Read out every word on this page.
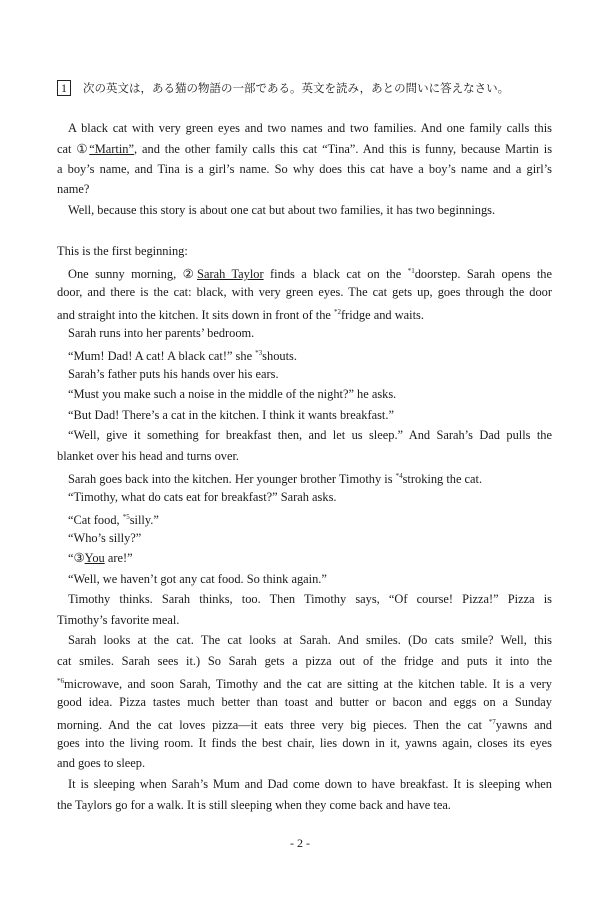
1	次の英文は，ある猫の物語の一部である。英文を読み，あとの問いに答えなさい。
A black cat with very green eyes and two names and two families. And one family calls this
cat ①“Martin”, and the other family calls this cat “Tina”. And this is funny, because Martin is
a boy’s name, and Tina is a girl’s name. So why does this cat have a boy’s name and a girl’s
name?
Well, because this story is about one cat but about two families, it has two beginnings.
This is the first beginning:
One sunny morning, ②Sarah Taylor finds a black cat on the $^{*1}$doorstep. Sarah opens the
door, and there is the cat: black, with very green eyes. The cat gets up, goes through the door
and straight into the kitchen. It sits down in front of the $^{*2}$fridge and waits.
Sarah runs into her parents’ bedroom.
“Mum! Dad! A cat! A black cat!” she $^{*3}$shouts.
Sarah’s father puts his hands over his ears.
“Must you make such a noise in the middle of the night?” he asks.
“But Dad! There’s a cat in the kitchen. I think it wants breakfast.”
“Well, give it something for breakfast then, and let us sleep.” And Sarah’s Dad pulls the
blanket over his head and turns over.
Sarah goes back into the kitchen. Her younger brother Timothy is $^{*4}$stroking the cat.
“Timothy, what do cats eat for breakfast?” Sarah asks.
“Cat food, $^{*5}$silly.”
“Who’s silly?”
“③You are!”
“Well, we haven’t got any cat food. So think again.”
Timothy thinks. Sarah thinks, too. Then Timothy says, “Of course! Pizza!” Pizza is
Timothy’s favorite meal.
Sarah looks at the cat. The cat looks at Sarah. And smiles. (Do cats smile? Well, this
cat smiles. Sarah sees it.) So Sarah gets a pizza out of the fridge and puts it into the
$^{*6}$microwave, and soon Sarah, Timothy and the cat are sitting at the kitchen table. It is a very
good idea. Pizza tastes much better than toast and butter or bacon and eggs on a Sunday
morning. And the cat loves pizza—it eats three very big pieces. Then the cat $^{*7}$yawns and
goes into the living room. It finds the best chair, lies down in it, yawns again, closes its eyes
and goes to sleep.
It is sleeping when Sarah’s Mum and Dad come down to have breakfast. It is sleeping when
the Taylors go for a walk. It is still sleeping when they come back and have tea.
- 2 -
